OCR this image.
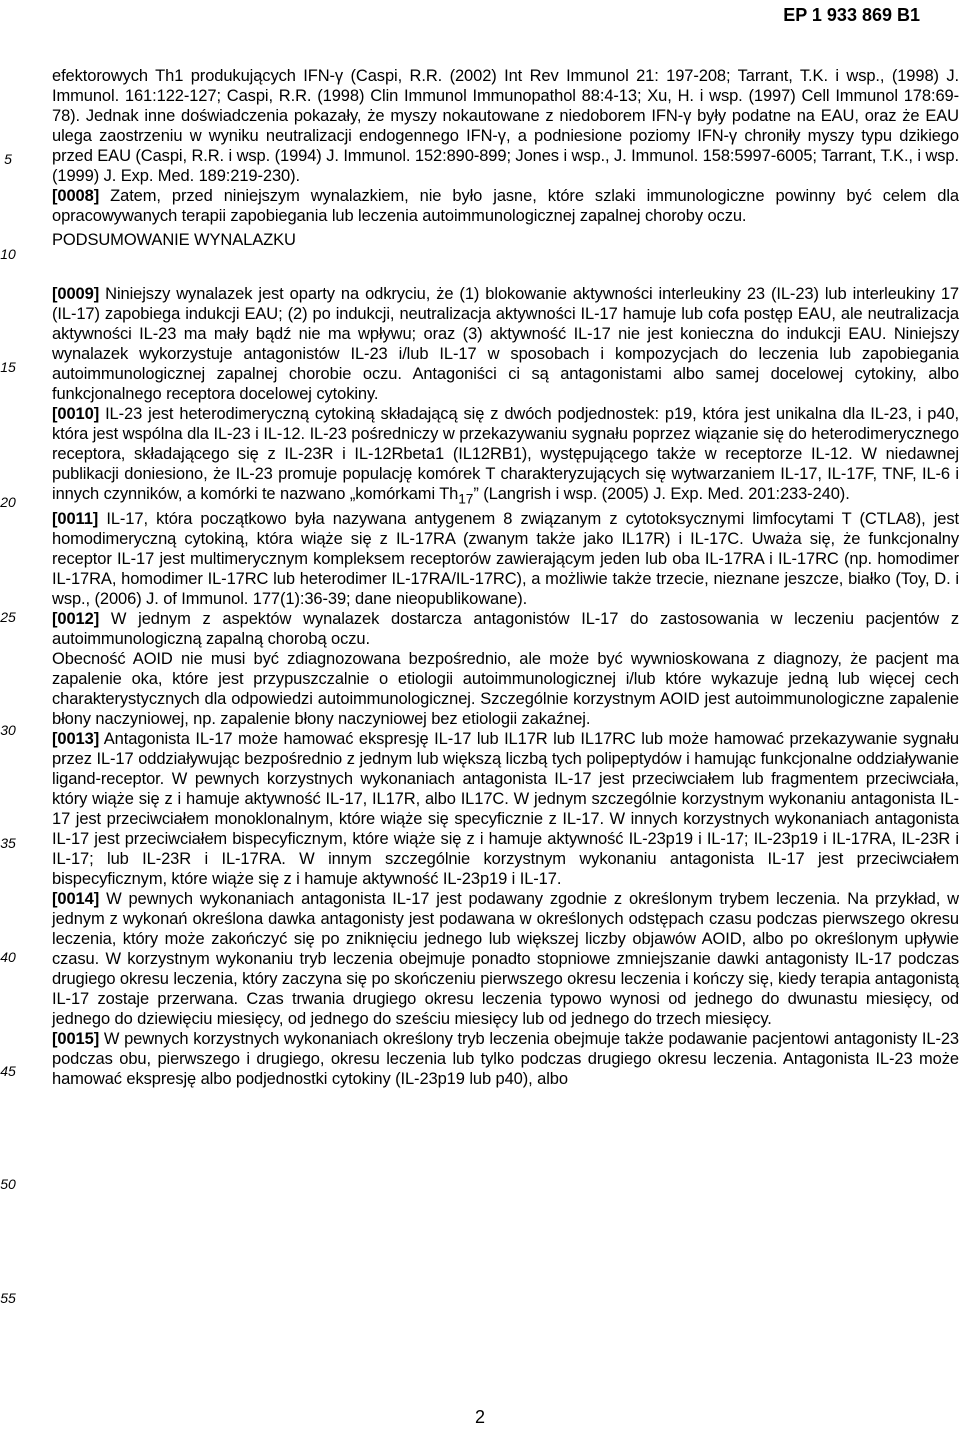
EP 1 933 869 B1
5
10
15
20
25
30
35
40
45
50
55

efektorowych Th1 produkujących IFN-γ (Caspi, R.R. (2002) Int Rev Immunol 21: 197-208; Tarrant, T.K. i wsp., (1998) J. Immunol. 161:122-127; Caspi, R.R. (1998) Clin Immunol Immunopathol 88:4-13; Xu, H. i wsp. (1997) Cell Immunol 178:69-78). Jednak inne doświadczenia pokazały, że myszy nokautowane z niedoborem IFN-γ były podatne na EAU, oraz że EAU ulega zaostrzeniu w wyniku neutralizacji endogennego IFN-γ, a podniesione poziomy IFN-γ chroniły myszy typu dzikiego przed EAU (Caspi, R.R. i wsp. (1994) J. Immunol. 152:890-899; Jones i wsp., J. Immunol. 158:5997-6005; Tarrant, T.K., i wsp. (1999) J. Exp. Med. 189:219-230).

[0008] Zatem, przed niniejszym wynalazkiem, nie było jasne, które szlaki immunologiczne powinny być celem dla opracowywanych terapii zapobiegania lub leczenia autoimmunologicznej zapalnej choroby oczu.

PODSUMOWANIE WYNALAZKU

[0009] Niniejszy wynalazek jest oparty na odkryciu, że (1) blokowanie aktywności interleukiny 23 (IL-23) lub interleukiny 17 (IL-17) zapobiega indukcji EAU; (2) po indukcji, neutralizacja aktywności IL-17 hamuje lub cofa postęp EAU, ale neutralizacja aktywności IL-23 ma mały bądź nie ma wpływu; oraz (3) aktywność IL-17 nie jest konieczna do indukcji EAU. Niniejszy wynalazek wykorzystuje antagonistów IL-23 i/lub IL-17 w sposobach i kompozycjach do leczenia lub zapobiegania autoimmunologicznej zapalnej chorobie oczu. Antagoniści ci są antagonistami albo samej docelowej cytokiny, albo funkcjonalnego receptora docelowej cytokiny.

[0010] IL-23 jest heterodimeryczną cytokiną składającą się z dwóch podjednostek: p19, która jest unikalna dla IL-23, i p40, która jest wspólna dla IL-23 i IL-12. IL-23 pośredniczy w przekazywaniu sygnału poprzez wiązanie się do heterodimerycznego receptora, składającego się z IL-23R i IL-12Rbeta1 (IL12RB1), występującego także w receptorze IL-12. W niedawnej publikacji doniesiono, że IL-23 promuje populację komórek T charakteryzujących się wytwarzaniem IL-17, IL-17F, TNF, IL-6 i innych czynników, a komórki te nazwano „komórkami $Th_{17}$” (Langrish i wsp. (2005) J. Exp. Med. 201:233-240).

[0011] IL-17, która początkowo była nazywana antygenem 8 związanym z cytotoksycznymi limfocytami T (CTLA8), jest homodimeryczną cytokiną, która wiąże się z IL-17RA (zwanym także jako IL17R) i IL-17C. Uważa się, że funkcjonalny receptor IL-17 jest multimerycznym kompleksem receptorów zawierającym jeden lub oba IL-17RA i IL-17RC (np. homodimer IL-17RA, homodimer IL-17RC lub heterodimer IL-17RA/IL-17RC), a możliwie także trzecie, nieznane jeszcze, białko (Toy, D. i wsp., (2006) J. of Immunol. 177(1):36-39; dane nieopublikowane).

[0012] W jednym z aspektów wynalazek dostarcza antagonistów IL-17 do zastosowania w leczeniu pacjentów z autoimmunologiczną zapalną chorobą oczu.

Obecność AOID nie musi być zdiagnozowana bezpośrednio, ale może być wywnioskowana z diagnozy, że pacjent ma zapalenie oka, które jest przypuszczalnie o etiologii autoimmunologicznej i/lub które wykazuje jedną lub więcej cech charakterystycznych dla odpowiedzi autoimmunologicznej. Szczególnie korzystnym AOID jest autoimmunologiczne zapalenie błony naczyniowej, np. zapalenie błony naczyniowej bez etiologii zakaźnej.

[0013] Antagonista IL-17 może hamować ekspresję IL-17 lub IL17R lub IL17RC lub może hamować przekazywanie sygnału przez IL-17 oddziaływując bezpośrednio z jednym lub większą liczbą tych polipeptydów i hamując funkcjonalne oddziaływanie ligand-receptor. W pewnych korzystnych wykonaniach antagonista IL-17 jest przeciwciałem lub fragmentem przeciwciała, który wiąże się z i hamuje aktywność IL-17, IL17R, albo IL17C. W jednym szczególnie korzystnym wykonaniu antagonista IL-17 jest przeciwciałem monoklonalnym, które wiąże się specyficznie z IL-17. W innych korzystnych wykonaniach antagonista IL-17 jest przeciwciałem bispecyficznym, które wiąże się z i hamuje aktywność IL-23p19 i IL-17; IL-23p19 i IL-17RA, IL-23R i IL-17; lub IL-23R i IL-17RA. W innym szczególnie korzystnym wykonaniu antagonista IL-17 jest przeciwciałem bispecyficznym, które wiąże się z i hamuje aktywność IL-23p19 i IL-17.

[0014] W pewnych wykonaniach antagonista IL-17 jest podawany zgodnie z określonym trybem leczenia. Na przykład, w jednym z wykonań określona dawka antagonisty jest podawana w określonych odstępach czasu podczas pierwszego okresu leczenia, który może zakończyć się po zniknięciu jednego lub większej liczby objawów AOID, albo po określonym upływie czasu. W korzystnym wykonaniu tryb leczenia obejmuje ponadto stopniowe zmniejszanie dawki antagonisty IL-17 podczas drugiego okresu leczenia, który zaczyna się po skończeniu pierwszego okresu leczenia i kończy się, kiedy terapia antagonistą IL-17 zostaje przerwana. Czas trwania drugiego okresu leczenia typowo wynosi od jednego do dwunastu miesięcy, od jednego do dziewięciu miesięcy, od jednego do sześciu miesięcy lub od jednego do trzech miesięcy.

[0015] W pewnych korzystnych wykonaniach określony tryb leczenia obejmuje także podawanie pacjentowi antagonisty IL-23 podczas obu, pierwszego i drugiego, okresu leczenia lub tylko podczas drugiego okresu leczenia. Antagonista IL-23 może hamować ekspresję albo podjednostki cytokiny (IL-23p19 lub p40), albo

2
